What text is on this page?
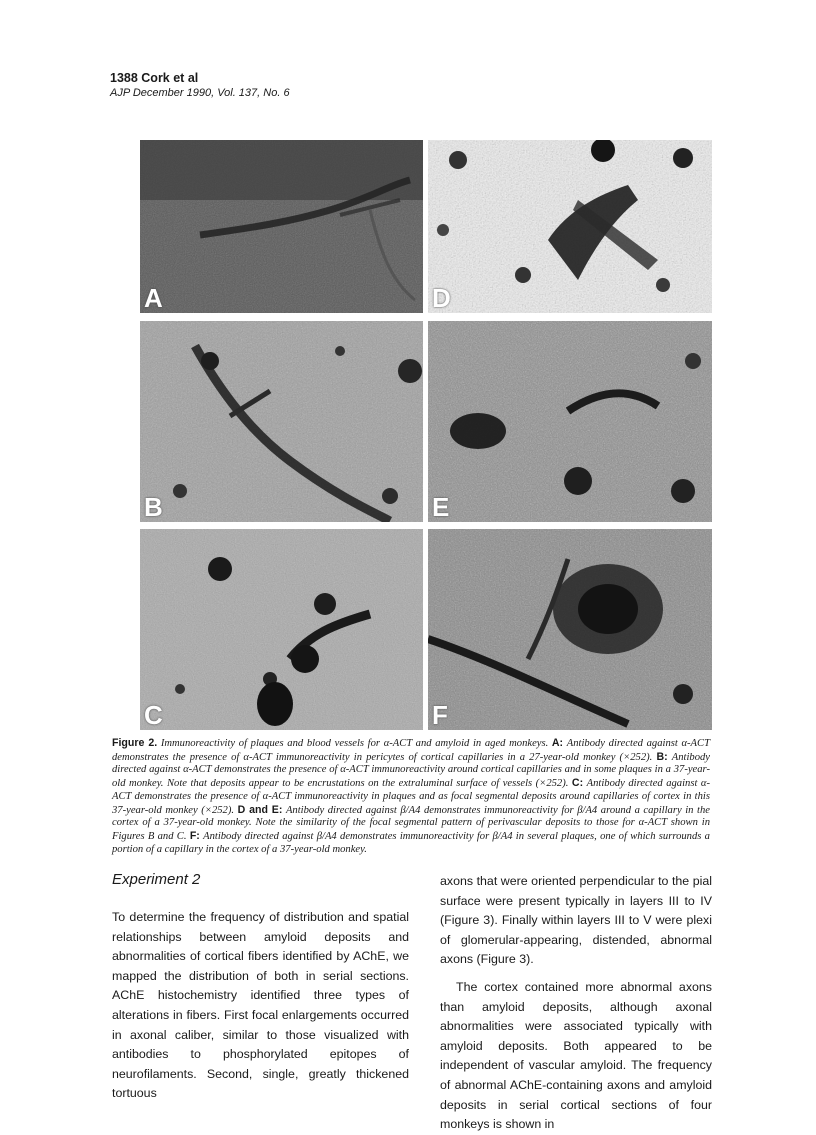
1388 Cork et al
AJP December 1990, Vol. 137, No. 6
A	D
B	E
C	F
Figure 2. Immunoreactivity of plaques and blood vessels for α-ACT and amyloid in aged monkeys. A: Antibody directed against α-ACT demonstrates the presence of α-ACT immunoreactivity in pericytes of cortical capillaries in a 27-year-old monkey (×252). B: Antibody directed against α-ACT demonstrates the presence of α-ACT immunoreactivity around cortical capillaries and in some plaques in a 37-year-old monkey. Note that deposits appear to be encrustations on the extraluminal surface of vessels (×252). C: Antibody directed against α-ACT demonstrates the presence of α-ACT immunoreactivity in plaques and as focal segmental deposits around capillaries of cortex in this 37-year-old monkey (×252). D and E: Antibody directed against β/A4 demonstrates immunoreactivity for β/A4 around a capillary in the cortex of a 37-year-old monkey. Note the similarity of the focal segmental pattern of perivascular deposits to those for α-ACT shown in Figures B and C. F: Antibody directed against β/A4 demonstrates immunoreactivity for β/A4 in several plaques, one of which surrounds a portion of a capillary in the cortex of a 37-year-old monkey.
Experiment 2

To determine the frequency of distribution and spatial relationships between amyloid deposits and abnormalities of cortical fibers identified by AChE, we mapped the distribution of both in serial sections. AChE histochemistry identified three types of alterations in fibers. First focal enlargements occurred in axonal caliber, similar to those visualized with antibodies to phosphorylated epitopes of neurofilaments. Second, single, greatly thickened tortuous

axons that were oriented perpendicular to the pial surface were present typically in layers III to IV (Figure 3). Finally within layers III to V were plexi of glomerular-appearing, distended, abnormal axons (Figure 3).

The cortex contained more abnormal axons than amyloid deposits, although axonal abnormalities were associated typically with amyloid deposits. Both appeared to be independent of vascular amyloid. The frequency of abnormal AChE-containing axons and amyloid deposits in serial cortical sections of four monkeys is shown in
